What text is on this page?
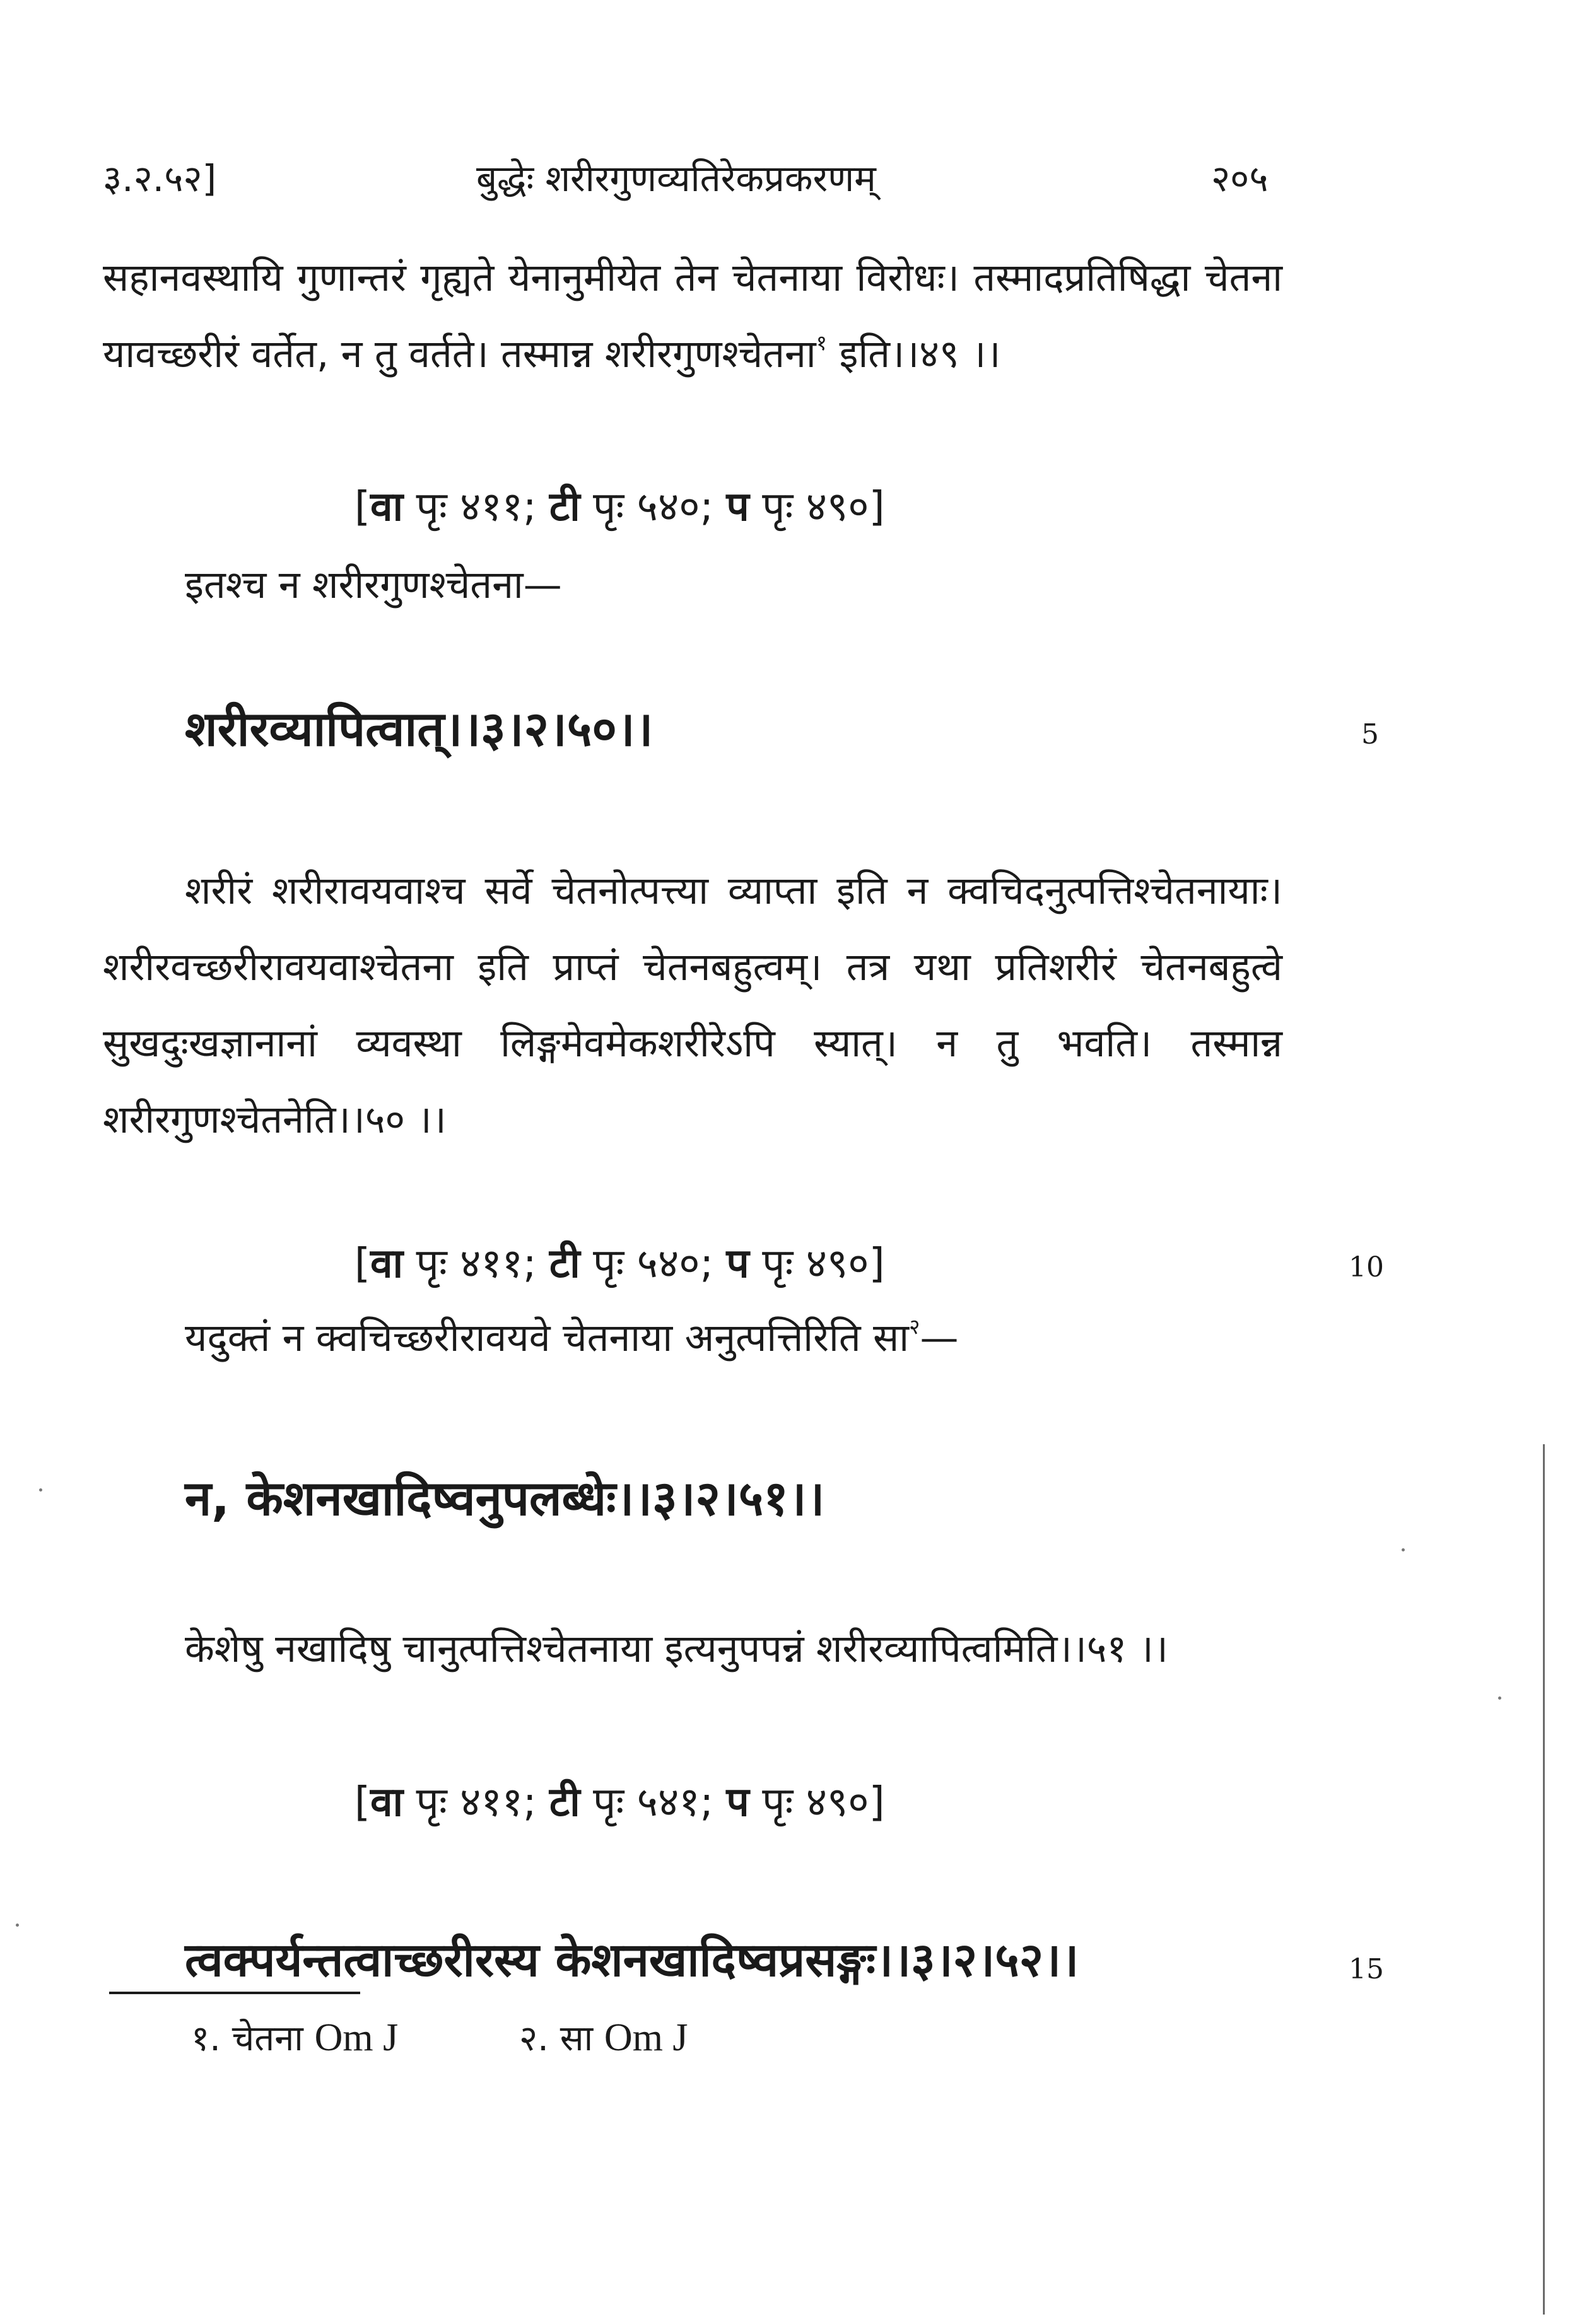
३.२.५२]	बुद्धेः शरीरगुणव्यतिरेकप्रकरणम्	२०५
सहानवस्थायि गुणान्तरं गृह्यते येनानुमीयेत तेन चेतनाया विरोधः। तस्मादप्रतिषिद्धा चेतना यावच्छरीरं वर्तेत, न तु वर्तते। तस्मान्न शरीरगुणश्चेतना$^१$ इति।।४९ ।।
[वा पृः ४११; टी पृः ५४०; प पृः ४९०]
इतश्च न शरीरगुणश्चेतना—
शरीरव्यापित्वात्।।३।२।५०।।	5
शरीरं शरीरावयवाश्च सर्वे चेतनोत्पत्त्या व्याप्ता इति न क्वचिदनुत्पत्तिश्चेतनायाः। शरीरवच्छरीरावयवाश्चेतना इति प्राप्तं चेतनबहुत्वम्। तत्र यथा प्रतिशरीरं चेतनबहुत्वे सुखदुःखज्ञानानां व्यवस्था लिङ्गमेवमेकशरीरेऽपि स्यात्। न तु भवति। तस्मान्न शरीरगुणश्चेतनेति।।५० ।।
[वा पृः ४११; टी पृः ५४०; प पृः ४९०]	10
यदुक्तं न क्वचिच्छरीरावयवे चेतनाया अनुत्पत्तिरिति सा$^२$—
न, केशनखादिष्वनुपलब्धेः।।३।२।५१।।
केशेषु नखादिषु चानुत्पत्तिश्चेतनाया इत्यनुपपन्नं शरीरव्यापित्वमिति।।५१ ।।
[वा पृः ४११; टी पृः ५४१; प पृः ४९०]
त्वक्पर्यन्तत्वाच्छरीरस्य केशनखादिष्वप्रसङ्गः।।३।२।५२।।	15
१. चेतना Om J	२. सा Om J
